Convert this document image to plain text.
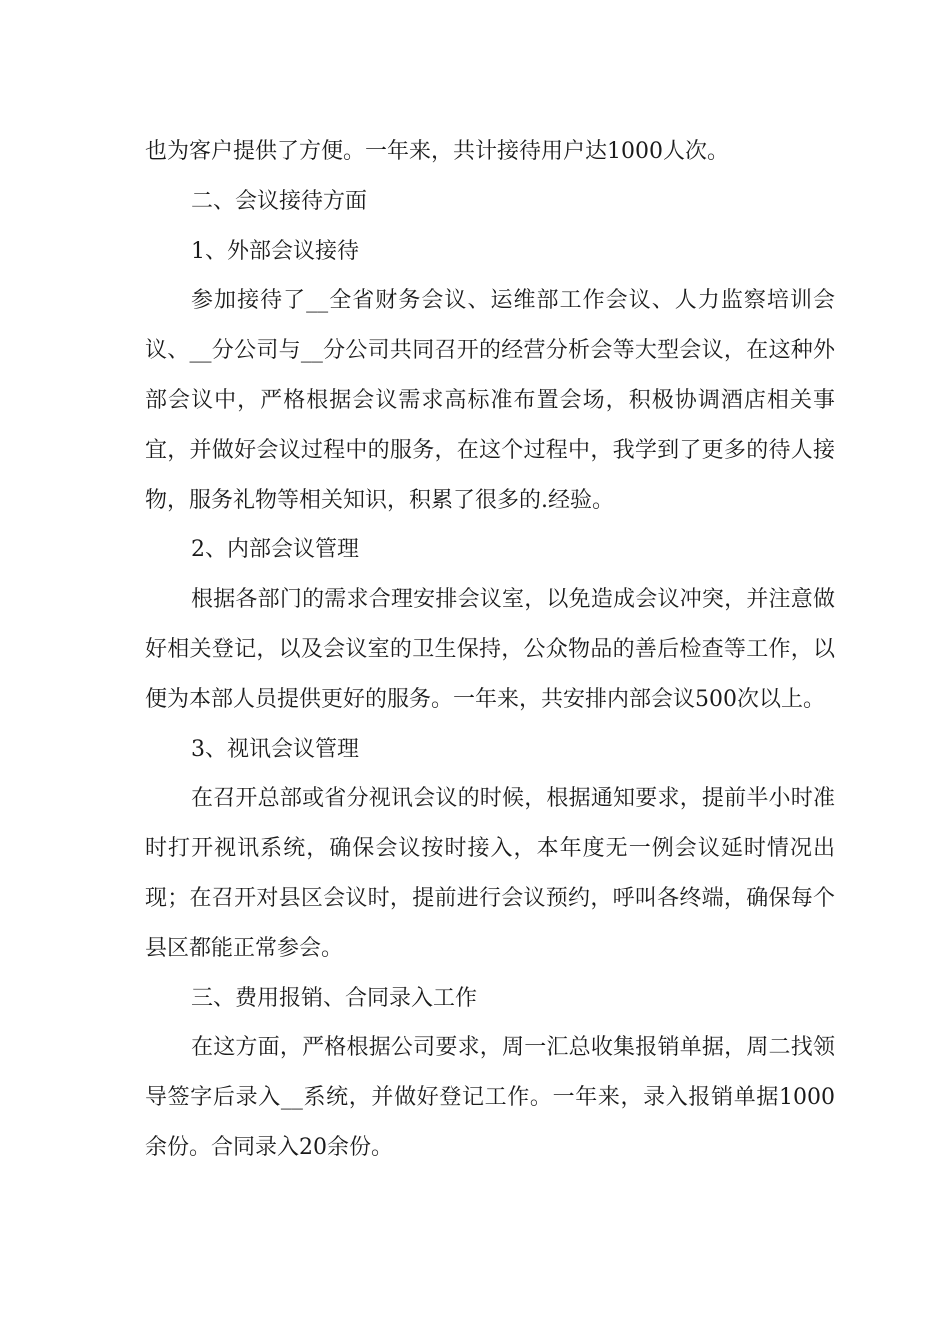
也为客户提供了方便。一年来，共计接待用户达1000人次。

二、会议接待方面

1、外部会议接待

参加接待了__全省财务会议、运维部工作会议、人力监察培训会议、__分公司与__分公司共同召开的经营分析会等大型会议，在这种外部会议中，严格根据会议需求高标准布置会场，积极协调酒店相关事宜，并做好会议过程中的服务，在这个过程中，我学到了更多的待人接物，服务礼物等相关知识，积累了很多的.经验。

2、内部会议管理

根据各部门的需求合理安排会议室，以免造成会议冲突，并注意做好相关登记，以及会议室的卫生保持，公众物品的善后检查等工作，以便为本部人员提供更好的服务。一年来，共安排内部会议500次以上。

3、视讯会议管理

在召开总部或省分视讯会议的时候，根据通知要求，提前半小时准时打开视讯系统，确保会议按时接入，本年度无一例会议延时情况出现；在召开对县区会议时，提前进行会议预约，呼叫各终端，确保每个县区都能正常参会。

三、费用报销、合同录入工作

在这方面，严格根据公司要求，周一汇总收集报销单据，周二找领导签字后录入__系统，并做好登记工作。一年来，录入报销单据1000余份。合同录入20余份。
